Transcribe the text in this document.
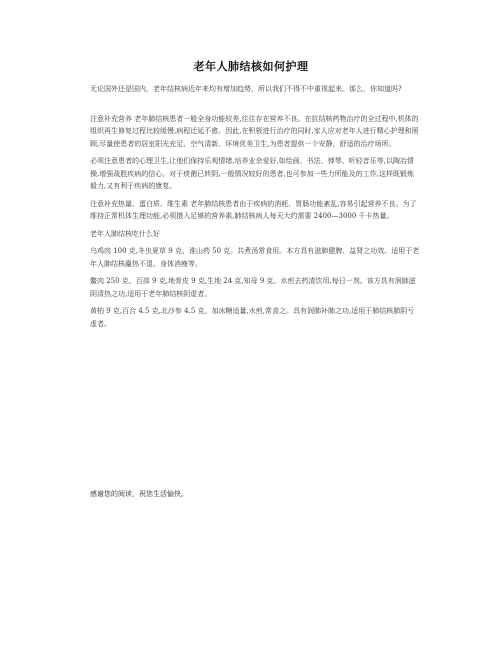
老年人肺结核如何护理

无论国外还是国内，老年结核病近年来均有增加趋势，所以我们不得不中重视起来。那么，你知道吗?

注意补充营养 老年肺结核患者一般全身功能较差,往往存在营养不良。在抗结核药物治疗的全过程中,机体的组织再生修复过程比较缓慢,病程迁延不愈。因此,在积极进行治疗的同时,家人应对老年人进行精心护理和照顾,尽量使患者的居室阳光充足、空气清新、环境优美卫生,为患者提供一个安静、舒适的治疗场所。

必须注意患者的心理卫生,让他们保持乐观情绪,培养业余爱好,如绘画、书法、弹琴、听轻音乐等,以陶冶情操,增强战胜疾病的信心。对于痰菌已转阴,一般情况较好的患者,也可参加一些力所能及的工作,这样既锻炼毅力,又有利于疾病的康复。

注意补充热量、蛋白质、维生素 老年肺结核患者由于疾病的消耗、胃肠功能紊乱,容易引起营养不良。为了维持正常机体生理功能,必须摄入足够的营养素,肺结核病人每天大约需要 2400—3000 千卡热量。

老年人肺结核吃什么好

乌鸡肉 100 克,冬虫夏草 9 克、淮山药 50 克。共煮汤常食用。本方具有滋肺健脾、益肾之功效。适用于老年人肺结核羸热不退、身体消瘦等。

鳖肉 250 克、百部 9 克,地骨皮 9 克,生地 24 克,知母 9 克。水煎去药渣饮用,每日一剂。该方具有润肺滋阴清热之功,适用于老年肺结核阴虚者。

黄柏 9 克,百合 4.5 克,北沙参 4.5 克。加冰糖适量,水煎,常食之。具有润肺补肺之功,适用于肺结核肺阴亏虚者。

感谢您的阅读，祝您生活愉快。
